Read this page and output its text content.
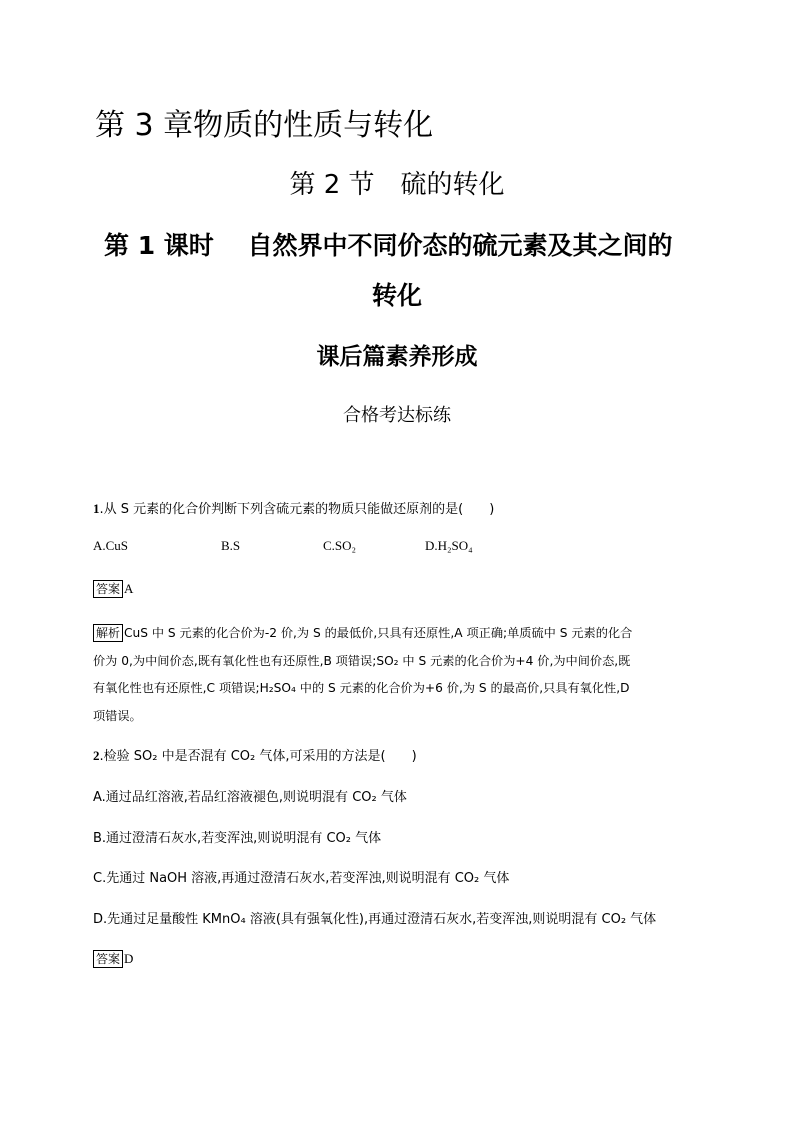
第 3 章物质的性质与转化
第 2 节　硫的转化
第 1 课时　 自然界中不同价态的硫元素及其之间的
转化
课后篇素养形成
合格考达标练
1.从 S 元素的化合价判断下列含硫元素的物质只能做还原剂的是(　　)
A.CuS	B.S	C.SO₂	D.H₂SO₄
答案 A
解析 CuS 中 S 元素的化合价为-2 价,为 S 的最低价,只具有还原性,A 项正确;单质硫中 S 元素的化合
价为 0,为中间价态,既有氧化性也有还原性,B 项错误;SO₂ 中 S 元素的化合价为+4 价,为中间价态,既
有氧化性也有还原性,C 项错误;H₂SO₄ 中的 S 元素的化合价为+6 价,为 S 的最高价,只具有氧化性,D
项错误。
2.检验 SO₂ 中是否混有 CO₂ 气体,可采用的方法是(　　)
A.通过品红溶液,若品红溶液褪色,则说明混有 CO₂ 气体
B.通过澄清石灰水,若变浑浊,则说明混有 CO₂ 气体
C.先通过 NaOH 溶液,再通过澄清石灰水,若变浑浊,则说明混有 CO₂ 气体
D.先通过足量酸性 KMnO₄ 溶液(具有强氧化性),再通过澄清石灰水,若变浑浊,则说明混有 CO₂ 气体
答案 D
